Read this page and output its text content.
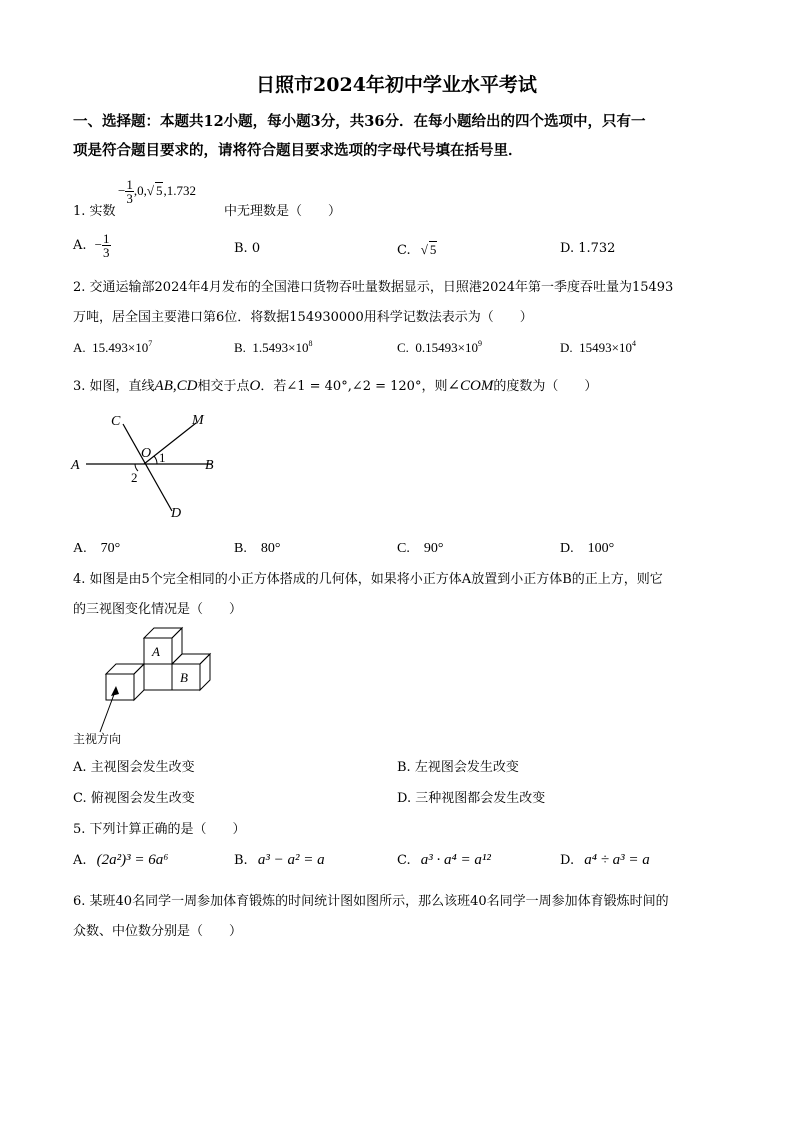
日照市2024年初中学业水平考试
一、选择题：本题共12小题，每小题3分，共36分．在每小题给出的四个选项中，只有一
项是符合题目要求的，请将符合题目要求选项的字母代号填在括号里．
− $\frac{1}{3} ,0,√$ 5,1.732
1. 实数	中无理数是（　　）
A. − $\frac{1}{3}$	B. 0	C. √ 5	D. 1.732
2. 交通运输部2024年4月发布的全国港口货物吞吐量数据显示，日照港2024年第一季度吞吐量为15493
万吨，居全国主要港口第6位．将数据154930000用科学记数法表示为（　　）
A. $15.493\times 10^7$	B. $1.5493\times 10^8$	C. $0.15493\times 10^9$	D. $15493\times 10^4$
3. 如图，直线AB,CD相交于点O．若∠1 = 40°,∠2 = 120°，则∠COM的度数为（　　）
C	M
O 1
A	B
2
D
A.　70°	B.　80°	C.　90°	D.　100°
4. 如图是由5个完全相同的小正方体搭成的几何体，如果将小正方体A放置到小正方体B的正上方，则它
的三视图变化情况是（　　）
A
B
主视方向
A. 主视图会发生改变	B. 左视图会发生改变
C. 俯视图会发生改变	D. 三种视图都会发生改变
5. 下列计算正确的是（　　）
A. (2a²)³ = 6a⁶	B. a³ − a² = a	C. a³ · a⁴ = a¹²	D. a⁴ ÷ a³ = a
6. 某班40名同学一周参加体育锻炼的时间统计图如图所示，那么该班40名同学一周参加体育锻炼时间的
众数、中位数分别是（　　）
